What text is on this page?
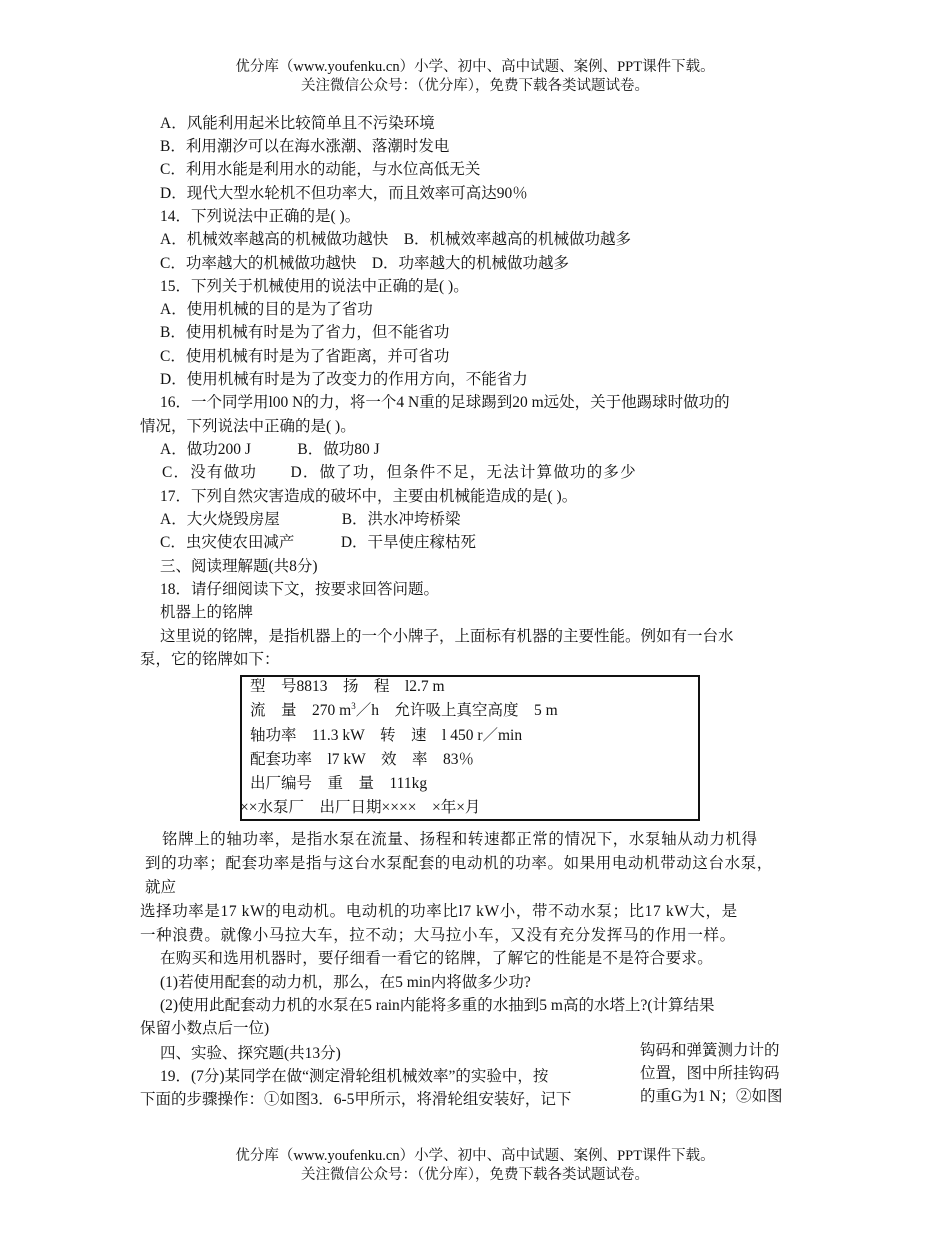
优分库（www.youfenku.cn）小学、初中、高中试题、案例、PPT课件下载。
关注微信公众号：（优分库），免费下载各类试题试卷。
A．风能利用起米比较简单且不污染环境
B．利用潮汐可以在海水涨潮、落潮时发电
C．利用水能是利用水的动能，与水位高低无关
D．现代大型水轮机不但功率大，而且效率可高达90％
14．下列说法中正确的是( )。
A．机械效率越高的机械做功越快　B．机械效率越高的机械做功越多
C．功率越大的机械做功越快　D．功率越大的机械做功越多
15．下列关于机械使用的说法中正确的是( )。
A．使用机械的目的是为了省功
B．使用机械有时是为了省力，但不能省功
C．使用机械有时是为了省距离，并可省功
D．使用机械有时是为了改变力的作用方向，不能省力
16．一个同学用l00 N的力，将一个4 N重的足球踢到20 m远处，关于他踢球时做功的
情况，下列说法中正确的是( )。
A．做功200 J　　　B．做功80 J
C．没有做功　　D．做了功，但条件不足，无法计算做功的多少
17．下列自然灾害造成的破坏中，主要由机械能造成的是( )。
A．大火烧毁房屋　　　　B．洪水冲垮桥梁
C．虫灾使农田减产　　　D．干旱使庄稼枯死
三、阅读理解题(共8分)
18．请仔细阅读下文，按要求回答问题。
机器上的铭牌
这里说的铭牌，是指机器上的一个小牌子，上面标有机器的主要性能。例如有一台水
泵，它的铭牌如下：
型　号8813　扬　程　l2.7 m
流　量　270 $m^3/h$　允许吸上真空高度　5 m
轴功率　11.3 kW　转　速　l 450 r／min
配套功率　l7 kW　效　率　83％
出厂编号　重　量　111kg
××水泵厂　出厂日期××××　×年×月
铭牌上的轴功率，是指水泵在流量、扬程和转速都正常的情况下，水泵轴从动力机得
到的功率；配套功率是指与这台水泵配套的电动机的功率。如果用电动机带动这台水泵，
就应
选择功率是17 kW的电动机。电动机的功率比l7 kW小，带不动水泵；比17 kW大，是
一种浪费。就像小马拉大车，拉不动；大马拉小车，又没有充分发挥马的作用一样。
在购买和选用机器时，要仔细看一看它的铭牌，了解它的性能是不是符合要求。
(1)若使用配套的动力机，那么，在5 min内将做多少功?
(2)使用此配套动力机的水泵在5 rain内能将多重的水抽到5 m高的水塔上?(计算结果
保留小数点后一位)
四、实验、探究题(共13分)
19．(7分)某同学在做“测定滑轮组机械效率”的实验中，按
下面的步骤操作：①如图3．6-5甲所示，将滑轮组安装好，记下
钩码和弹簧测力计的
位置，图中所挂钩码
的重G为1 N；②如图
优分库（www.youfenku.cn）小学、初中、高中试题、案例、PPT课件下载。
关注微信公众号：（优分库），免费下载各类试题试卷。
